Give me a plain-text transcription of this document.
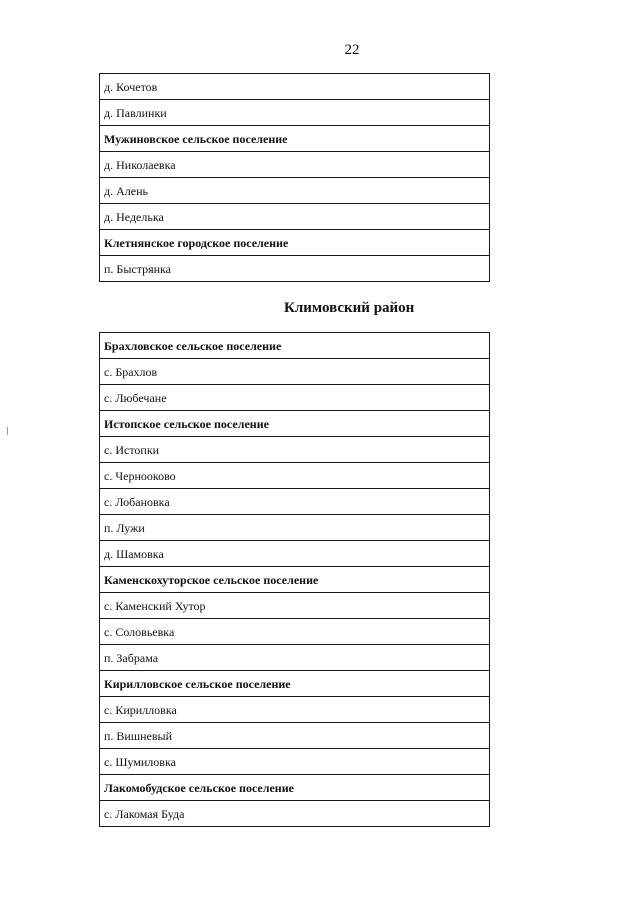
22
д. Кочетов
д. Павлинки
Мужиновское сельское поселение
д. Николаевка
д. Алень
д. Неделька
Клетнянское городское поселение
п. Быстрянка
Климовский район
Брахловское сельское поселение
с. Брахлов
с. Любечане
Истопское сельское поселение
с. Истопки
с. Чернооково
с. Лобановка
п. Лужи
д. Шамовка
Каменскохуторское сельское поселение
с. Каменский Хутор
с. Соловьевка
п. Забрама
Кирилловское сельское поселение
с. Кирилловка
п. Вишневый
с. Шумиловка
Лакомобудское сельское поселение
с. Лакомая Буда
